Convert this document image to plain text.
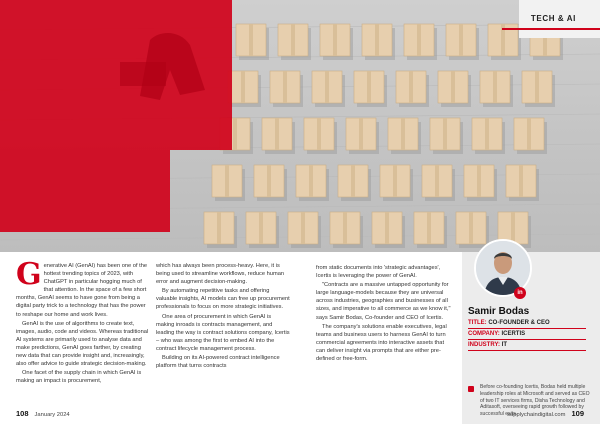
TECH & AI

Generative AI (GenAI) has been one of the hottest trending topics of 2023, with ChatGPT in particular hogging much of that attention. In the space of a few short months, GenAI seems to have gone from being a digital party trick to a technology that has the power to reshape our home and work lives.

GenAI is the use of algorithms to create text, images, audio, code and videos. Whereas traditional AI systems are primarily used to analyse data and make predictions, GenAI goes farther, by creating new data that can provide insight and, increasingly, also offer advice to guide strategic decision-making.

One facet of the supply chain in which GenAI is making an impact is procurement,

which has always been process-heavy. Here, it is being used to streamline workflows, reduce human error and augment decision-making.

By automating repetitive tasks and offering valuable insights, AI models can free up procurement professionals to focus on more strategic initiatives.

One area of procurement in which GenAI is making inroads is contracts management, and leading the way is contract solutions company, Icertis – who was among the first to embed AI into the contract lifecycle management process.

Building on its AI-powered contract intelligence platform that turns contracts

from static documents into 'strategic advantages', Icertis is leveraging the power of GenAI.

"Contracts are a massive untapped opportunity for large language-models because they are universal across industries, geographies and businesses of all sizes, and imperative to all commerce as we know it," says Samir Bodas, Co-founder and CEO of Icertis.

The company's solutions enable executives, legal teams and business users to harness GenAI to turn commercial agreements into interactive assets that can deliver insight via prompts that are either pre-defined or free-form.

in
Samir Bodas
TITLE: CO-FOUNDER & CEO
COMPANY: ICERTIS
INDUSTRY: IT
Before co-founding Icertis, Bodas held multiple leadership roles at Microsoft and served as CEO of two IT services firms, Disha Technology and Aditasoft, overseeing rapid growth followed by successful exits.
108 January 2024	supplychaindigital.com 109
